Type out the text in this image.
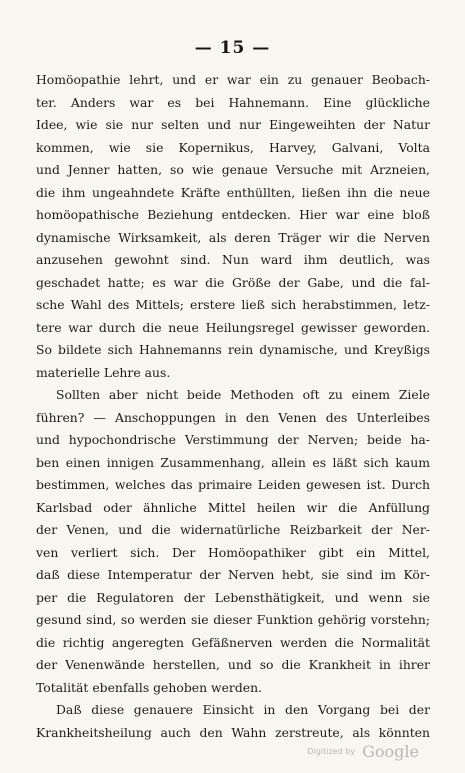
— 15 —
Homöopathie lehrt, und er war ein zu genauer Beobach-
ter. Anders war es bei Hahnemann. Eine glückliche
Idee, wie sie nur selten und nur Eingeweihten der Natur
kommen, wie sie Kopernikus, Harvey, Galvani, Volta
und Jenner hatten, so wie genaue Versuche mit Arzneien,
die ihm ungeahndete Kräfte enthüllten, ließen ihn die neue
homöopathische Beziehung entdecken. Hier war eine bloß
dynamische Wirksamkeit, als deren Träger wir die Nerven
anzusehen gewohnt sind. Nun ward ihm deutlich, was
geschadet hatte; es war die Größe der Gabe, und die fal-
sche Wahl des Mittels; erstere ließ sich herabstimmen, letz-
tere war durch die neue Heilungsregel gewisser geworden.
So bildete sich Hahnemanns rein dynamische, und Kreyßigs
materielle Lehre aus.
Sollten aber nicht beide Methoden oft zu einem Ziele
führen? — Anschoppungen in den Venen des Unterleibes
und hypochondrische Verstimmung der Nerven; beide ha-
ben einen innigen Zusammenhang, allein es läßt sich kaum
bestimmen, welches das primaire Leiden gewesen ist. Durch
Karlsbad oder ähnliche Mittel heilen wir die Anfüllung
der Venen, und die widernatürliche Reizbarkeit der Ner-
ven verliert sich. Der Homöopathiker gibt ein Mittel,
daß diese Intemperatur der Nerven hebt, sie sind im Kör-
per die Regulatoren der Lebensthätigkeit, und wenn sie
gesund sind, so werden sie dieser Funktion gehörig vorstehn;
die richtig angeregten Gefäßnerven werden die Normalität
der Venenwände herstellen, und so die Krankheit in ihrer
Totalität ebenfalls gehoben werden.
Daß diese genauere Einsicht in den Vorgang bei der
Krankheitsheilung auch den Wahn zerstreute, als könnten
Digitized by Google
